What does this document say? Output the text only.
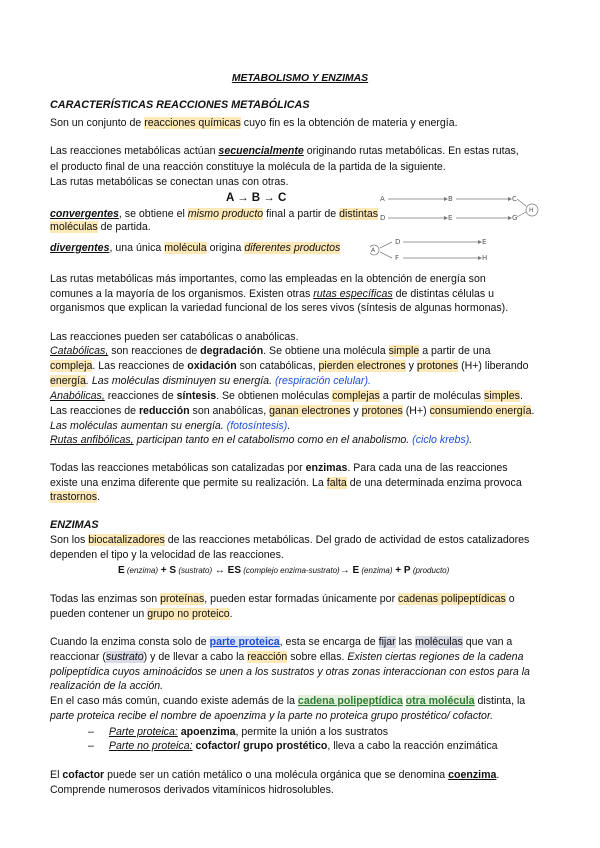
METABOLISMO Y ENZIMAS
CARACTERÍSTICAS REACCIONES METABÓLICAS
Son un conjunto de reacciones químicas cuyo fin es la obtención de materia y energía.
Las reacciones metabólicas actúan secuencialmente originando rutas metabólicas. En estas rutas,
el producto final de una reacción constituye la molécula de la partida de la siguiente.
Las rutas metabólicas se conectan unas con otras.
A → B → C
convergentes, se obtiene el mismo producto final a partir de distintas
moléculas de partida.
divergentes, una única molécula origina diferentes productos
A	B	C
D	E	G
H
A
D	E
F	H
Las rutas metabólicas más importantes, como las empleadas en la obtención de energía son
comunes a la mayoría de los organismos. Existen otras rutas específicas de distintas células u
organismos que explican la variedad funcional de los seres vivos (síntesis de algunas hormonas).
Las reacciones pueden ser catabólicas o anabólicas.
Catabólicas, son reacciones de degradación. Se obtiene una molécula simple a partir de una
compleja. Las reacciones de oxidación son catabólicas, pierden electrones y protones (H+) liberando
energía. Las moléculas disminuyen su energía. (respiración celular).
Anabólicas, reacciones de síntesis. Se obtienen moléculas complejas a partir de moléculas simples.
Las reacciones de reducción son anabólicas, ganan electrones y protones (H+) consumiendo energía.
Las moléculas aumentan su energía. (fotosíntesis).
Rutas anfibólicas, participan tanto en el catabolismo como en el anabolismo. (ciclo krebs).
Todas las reacciones metabólicas son catalizadas por enzimas. Para cada una de las reacciones
existe una enzima diferente que permite su realización. La falta de una determinada enzima provoca
trastornos.
ENZIMAS
Son los biocatalizadores de las reacciones metabólicas. Del grado de actividad de estos catalizadores
dependen el tipo y la velocidad de las reacciones.
E (enzima) + S (sustrato) ↔ ES (complejo enzima-sustrato)→ E (enzima) + P (producto)
Todas las enzimas son proteínas, pueden estar formadas únicamente por cadenas polipeptídicas o
pueden contener un grupo no proteico.
Cuando la enzima consta solo de parte proteica, esta se encarga de fijar las moléculas que van a
reaccionar (sustrato) y de llevar a cabo la reacción sobre ellas. Existen ciertas regiones de la cadena
polipeptídica cuyos aminoácidos se unen a los sustratos y otras zonas interaccionan con estos para la
realización de la acción.
En el caso más común, cuando existe además de la cadena polipeptídica otra molécula distinta, la
parte proteica recibe el nombre de apoenzima y la parte no proteica grupo prostético/ cofactor.
– Parte proteica: apoenzima, permite la unión a los sustratos
– Parte no proteica: cofactor/ grupo prostético, lleva a cabo la reacción enzimática
El cofactor puede ser un catión metálico o una molécula orgánica que se denomina coenzima.
Comprende numerosos derivados vitamínicos hidrosolubles.
